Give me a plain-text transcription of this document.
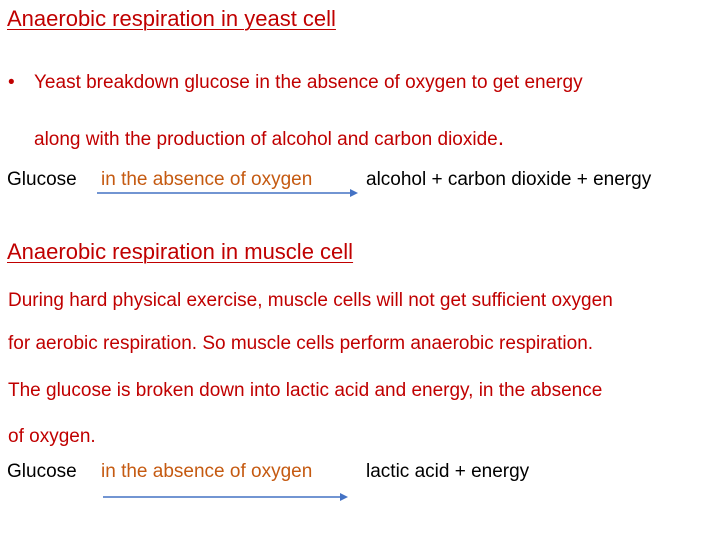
Anaerobic respiration in yeast cell
• Yeast breakdown glucose in the absence of oxygen to get energy
along with the production of alcohol and carbon dioxide.
Glucose in the absence of oxygen	alcohol + carbon dioxide + energy
Anaerobic respiration in muscle cell
During hard physical exercise, muscle cells will not get sufficient oxygen
for aerobic respiration. So muscle cells perform anaerobic respiration.
The glucose is broken down into lactic acid and energy, in the absence
of oxygen.
Glucose in the absence of oxygen	lactic acid + energy
